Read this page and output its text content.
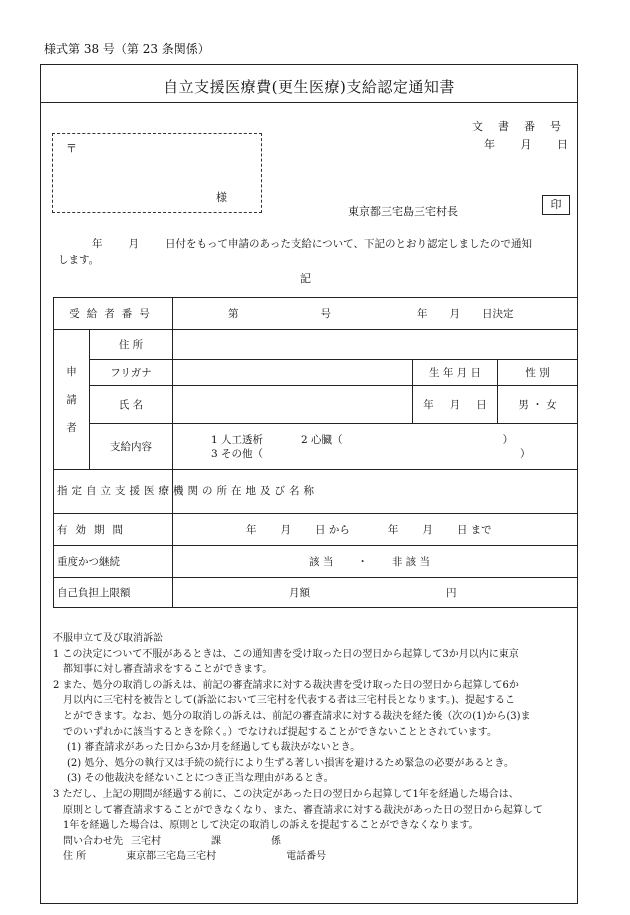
様式第 38 号（第 23 条関係）
自立支援医療費(更生医療)支給認定通知書
文書番号
年 月 日
〒
様
東京都三宅島三宅村長
印
年 月 日付をもって申請のあった支給について、下記のとおり認定しましたので通知
します。
記
受給者番号		第 号 年 月 日決定		

申
請
者	住 所			
	フリガナ		生 年 月 日	性 別
	氏 名		年 月 日	男 ・ 女
	支給内容	1 人工透析 2 心臓（ ）
3 その他（ ）		

指定自立支援医療機関の所在地及び名称				
有効期間		年 月 日 から 年 月 日 まで		
重度かつ継続		該 当 ・ 非 該 当		
自己負担上限額		月額 円		
不服申立て及び取消訴訟
1 この決定について不服があるときは、この通知書を受け取った日の翌日から起算して3か月以内に東京
都知事に対し審査請求をすることができます。
2 また、処分の取消しの訴えは、前記の審査請求に対する裁決書を受け取った日の翌日から起算して6か
月以内に三宅村を被告として(訴訟において三宅村を代表する者は三宅村長となります。)、提起するこ
とができます。なお、処分の取消しの訴えは、前記の審査請求に対する裁決を経た後（次の(1)から(3)ま
でのいずれかに該当するときを除く。）でなければ提起することができないこととされています。
(1) 審査請求があった日から3か月を経過しても裁決がないとき。
(2) 処分、処分の執行又は手続の続行により生ずる著しい損害を避けるため緊急の必要があるとき。
(3) その他裁決を経ないことにつき正当な理由があるとき。
3 ただし、上記の期間が経過する前に、この決定があった日の翌日から起算して1年を経過した場合は、
原則として審査請求することができなくなり、また、審査請求に対する裁決があった日の翌日から起算して
1年を経過した場合は、原則として決定の取消しの訴えを提起することができなくなります。
問い合わせ先 三宅村	課	係
住 所	東京都三宅島三宅村	電話番号
